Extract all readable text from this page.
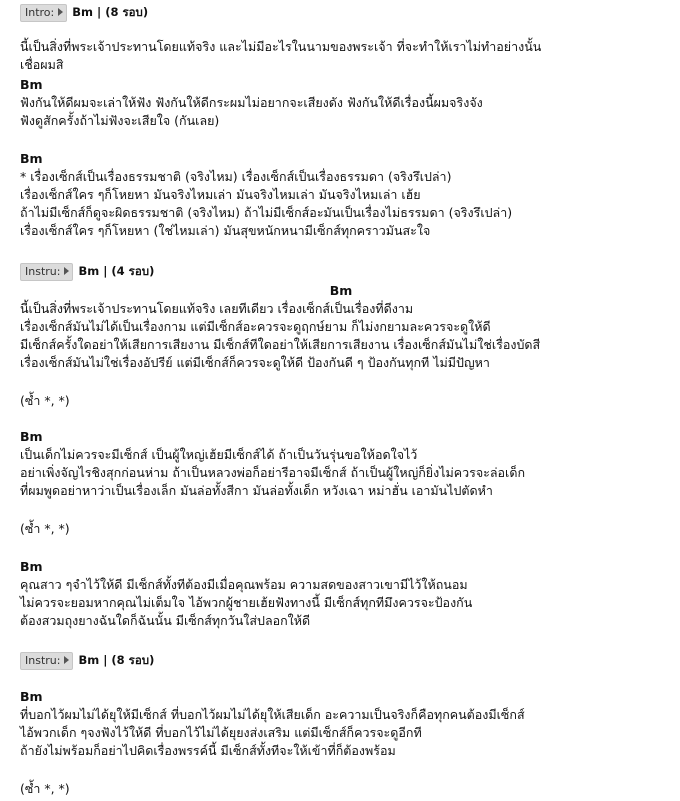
Intro: Bm | (8 รอบ)
นี้เป็นสิ่งที่พระเจ้าประทานโดยแท้จริง และไม่มีอะไรในนามของพระเจ้า ที่จะทำให้เราไม่ทำอย่างนั้น
เชื่อผมสิ
Bm
ฟังกันให้ดีผมจะเล่าให้ฟัง ฟังกันให้ดีกระผมไม่อยากจะเสียงดัง ฟังกันให้ดีเรื่องนี้ผมจริงจัง
ฟังดูสักครั้งถ้าไม่ฟังจะเสียใจ (กันเลย)
Bm
* เรื่องเซ็กส์เป็นเรื่องธรรมชาติ (จริงไหม) เรื่องเซ็กส์เป็นเรื่องธรรมดา (จริงรึเปล่า)
เรื่องเซ็กส์ใคร ๆก็โหยหา มันจริงไหมเล่า มันจริงไหมเล่า มันจริงไหมเล่า เฮ้ย
ถ้าไม่มีเซ็กส์ก็ดูจะผิดธรรมชาติ (จริงไหม) ถ้าไม่มีเซ็กส์อะมันเป็นเรื่องไม่ธรรมดา (จริงรึเปล่า)
เรื่องเซ็กส์ใคร ๆก็โหยหา (ใช่ไหมเล่า) มันสุขหนักหนามีเซ็กส์ทุกคราวมันสะใจ
Instru: Bm | (4 รอบ)
Bm
นี้เป็นสิ่งที่พระเจ้าประทานโดยแท้จริง เลยทีเดียว เรื่องเซ็กส์เป็นเรื่องที่ดีงาม
เรื่องเซ็กส์มันไม่ได้เป็นเรื่องกาม แต่มีเซ็กส์อะควรจะดูฤกษ์ยาม ก็ไม่งกยามละควรจะดูให้ดี
มีเซ็กส์ครั้งใดอย่าให้เสียการเสียงาน มีเซ็กส์ทีใดอย่าให้เสียการเสียงาน เรื่องเซ็กส์มันไม่ใช่เรื่องบัดสี
เรื่องเซ็กส์มันไม่ใช่เรื่องอัปรีย์ แต่มีเซ็กส์ก็ควรจะดูให้ดี ป้องกันดี ๆ ป้องกันทุกที ไม่มีปัญหา
(ซ้ำ *, *)
Bm
เป็นเด็กไม่ควรจะมีเซ็กส์ เป็นผู้ใหญ่เฮ้ยมีเซ็กส์ได้ ถ้าเป็นวันรุ่นขอให้อดใจไว้
อย่าเพิ่งจัญไรชิงสุกก่อนห่าม ถ้าเป็นหลวงพ่อก็อย่ารีอาจมีเซ็กส์ ถ้าเป็นผู้ใหญ่ก็ยิ่งไม่ควรจะล่อเด็ก
ที่ผมพูดอย่าหาว่าเป็นเรื่องเล็ก มันล่อทั้งสีกา มันล่อทั้งเด็ก หวังเฉา หม่าฮั่น เอามันไปตัดหำ
(ซ้ำ *, *)
Bm
คุณสาว ๆจำไว้ให้ดี มีเซ็กส์ทั้งทีต้องมีเมื่อคุณพร้อม ความสดของสาวเขามีไว้ให้ถนอม
ไม่ควรจะยอมหากคุณไม่เต็มใจ ไอ้พวกผู้ชายเฮ้ยฟังทางนี้ มีเซ็กส์ทุกทีมึงควรจะป้องกัน
ต้องสวมถุงยางฉันใดก็ฉันนั้น มีเซ็กส์ทุกวันใส่ปลอกให้ดี
Instru: Bm | (8 รอบ)
Bm
ที่บอกไว้ผมไม่ได้ยุให้มีเซ็กส์ ที่บอกไว้ผมไม่ได้ยุให้เสียเด็ก อะความเป็นจริงก็คือทุกคนต้องมีเซ็กส์
ไอ้พวกเด็ก ๆจงฟังไว้ให้ดี ที่บอกไว้ไม่ได้ยุยงส่งเสริม แต่มีเซ็กส์ก็ควรจะดูอีกที
ถ้ายังไม่พร้อมก็อย่าไปคิดเรื่องพรรค์นี้ มีเซ็กส์ทั้งทีจะให้เข้าที่ก็ต้องพร้อม
(ซ้ำ *, *)
